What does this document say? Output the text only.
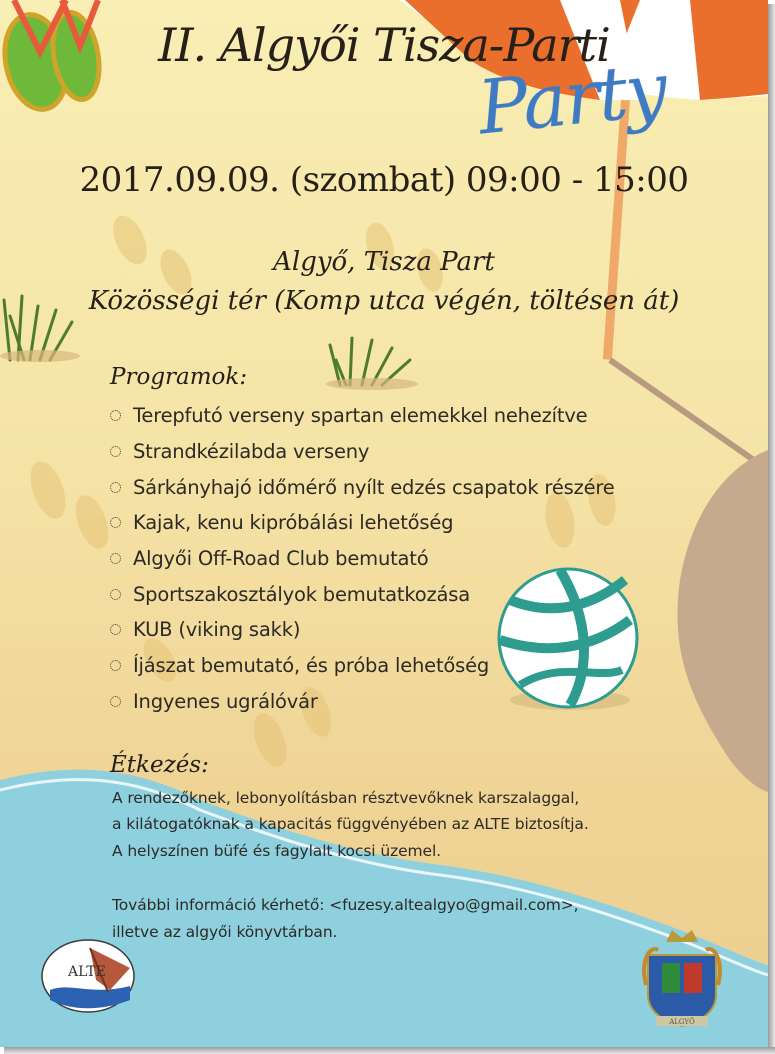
ALTE
ALGYŐ
II. Algyői Tisza-Parti
Party
2017.09.09. (szombat) 09:00 - 15:00
Algyő, Tisza Part
Közösségi tér (Komp utca végén, töltésen át)
Programok:
Terepfutó verseny spartan elemekkel nehezítve
Strandkézilabda verseny
Sárkányhajó időmérő nyílt edzés csapatok részére
Kajak, kenu kipróbálási lehetőség
Algyői Off-Road Club bemutató
Sportszakosztályok bemutatkozása
KUB (viking sakk)
Íjászat bemutató, és próba lehetőség
Ingyenes ugrálóvár
Étkezés:
A rendezőknek, lebonyolításban résztvevőknek karszalaggal,
a kilátogatóknak a kapacitás függvényében az ALTE biztosítja.
A helyszínen büfé és fagylalt kocsi üzemel.
További információ kérhető: <fuzesy.altealgyo@gmail.com>,
illetve az algyői könyvtárban.
